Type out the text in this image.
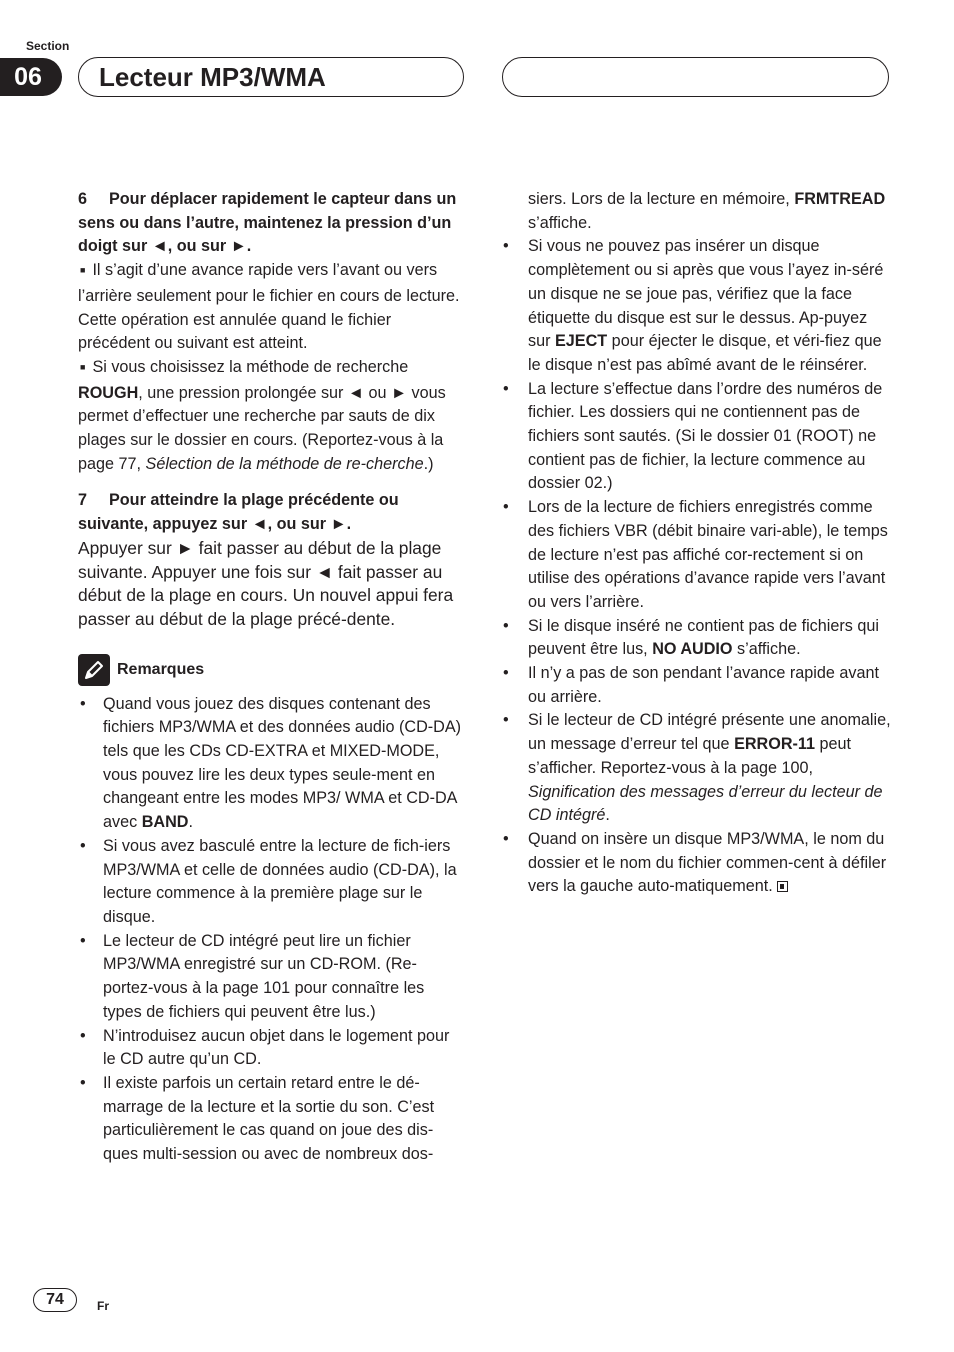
Section
06	Lecteur MP3/WMA
6 Pour déplacer rapidement le capteur dans un sens ou dans l’autre, maintenez la pression d’un doigt sur ◄, ou sur ►.

■ Il s’agit d’une avance rapide vers l’avant ou vers l’arrière seulement pour le fichier en cours de lecture. Cette opération est annulée quand le fichier précédent ou suivant est atteint.

■ Si vous choisissez la méthode de recherche ROUGH, une pression prolongée sur ◄ ou ► vous permet d’effectuer une recherche par sauts de dix plages sur le dossier en cours. (Reportez-vous à la page 77, Sélection de la méthode de re-cherche.)

7 Pour atteindre la plage précédente ou suivante, appuyez sur ◄, ou sur ►.

Appuyer sur ► fait passer au début de la plage suivante. Appuyer une fois sur ◄ fait passer au début de la plage en cours. Un nouvel appui fera passer au début de la plage précé-dente.

Remarques
• Quand vous jouez des disques contenant des fichiers MP3/WMA et des données audio (CD-DA) tels que les CDs CD-EXTRA et MIXED-MODE, vous pouvez lire les deux types seule-ment en changeant entre les modes MP3/ WMA et CD-DA avec BAND.
• Si vous avez basculé entre la lecture de fich-iers MP3/WMA et celle de données audio (CD-DA), la lecture commence à la première plage sur le disque.
• Le lecteur de CD intégré peut lire un fichier MP3/WMA enregistré sur un CD-ROM. (Re-portez-vous à la page 101 pour connaître les types de fichiers qui peuvent être lus.)
• N’introduisez aucun objet dans le logement pour le CD autre qu’un CD.
• Il existe parfois un certain retard entre le dé-marrage de la lecture et la sortie du son. C’est particulièrement le cas quand on joue des dis-ques multi-session ou avec de nombreux dos-
siers. Lors de la lecture en mémoire, FRMTREAD s’affiche.
• Si vous ne pouvez pas insérer un disque complètement ou si après que vous l’ayez in-séré un disque ne se joue pas, vérifiez que la face étiquette du disque est sur le dessus. Ap-puyez sur EJECT pour éjecter le disque, et véri-fiez que le disque n’est pas abîmé avant de le réinsérer.
• La lecture s’effectue dans l’ordre des numéros de fichier. Les dossiers qui ne contiennent pas de fichiers sont sautés. (Si le dossier 01 (ROOT) ne contient pas de fichier, la lecture commence au dossier 02.)
• Lors de la lecture de fichiers enregistrés comme des fichiers VBR (débit binaire vari-able), le temps de lecture n’est pas affiché cor-rectement si on utilise des opérations d’avance rapide vers l’avant ou vers l’arrière.
• Si le disque inséré ne contient pas de fichiers qui peuvent être lus, NO AUDIO s’affiche.
• Il n’y a pas de son pendant l’avance rapide avant ou arrière.
• Si le lecteur de CD intégré présente une anomalie, un message d’erreur tel que ERROR-11 peut s’afficher. Reportez-vous à la page 100, Signification des messages d’erreur du lecteur de CD intégré.
• Quand on insère un disque MP3/WMA, le nom du dossier et le nom du fichier commen-cent à défiler vers la gauche auto-matiquement.
74	Fr
